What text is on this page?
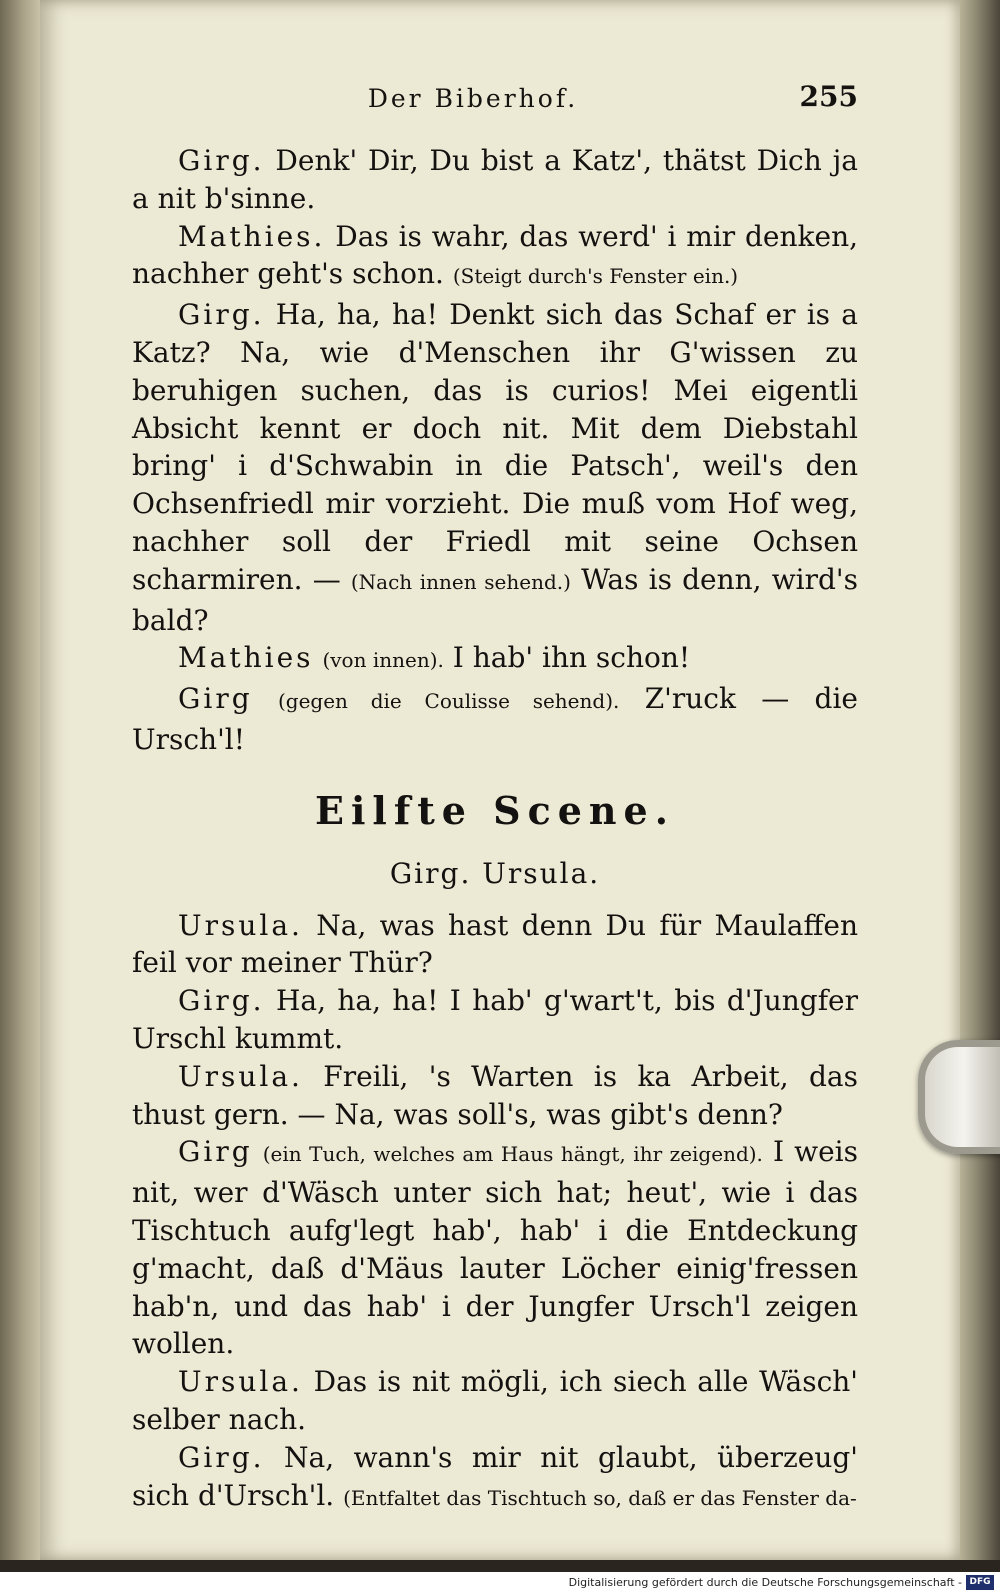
Der Biberhof.	255

Girg. Denk' Dir, Du bist a Katz', thätst Dich ja a nit b'sinne.

Mathies. Das is wahr, das werd' i mir denken, nachher geht's schon. (Steigt durch's Fenster ein.)

Girg. Ha, ha, ha! Denkt sich das Schaf er is a Katz? Na, wie d'Menschen ihr G'wissen zu beruhigen suchen, das is curios! Mei eigentli Absicht kennt er doch nit. Mit dem Diebstahl bring' i d'Schwabin in die Patsch', weil's den Ochsenfriedl mir vorzieht. Die muß vom Hof weg, nachher soll der Friedl mit seine Ochsen scharmiren. — (Nach innen sehend.) Was is denn, wird's bald?

Mathies (von innen). I hab' ihn schon!

Girg (gegen die Coulisse sehend). Z'ruck — die Ursch'l!

Eilfte Scene.
Girg. Ursula.

Ursula. Na, was hast denn Du für Maulaffen feil vor meiner Thür?

Girg. Ha, ha, ha! I hab' g'wart't, bis d'Jungfer Urschl kummt.

Ursula. Freili, 's Warten is ka Arbeit, das thust gern. — Na, was soll's, was gibt's denn?

Girg (ein Tuch, welches am Haus hängt, ihr zeigend). I weis nit, wer d'Wäsch unter sich hat; heut', wie i das Tischtuch aufg'legt hab', hab' i die Entdeckung g'macht, daß d'Mäus lauter Löcher einig'fressen hab'n, und das hab' i der Jungfer Ursch'l zeigen wollen.

Ursula. Das is nit mögli, ich siech alle Wäsch' selber nach.

Girg. Na, wann's mir nit glaubt, überzeug' sich d'Ursch'l. (Entfaltet das Tischtuch so, daß er das Fenster da-

Digitalisierung gefördert durch die Deutsche Forschungsgemeinschaft - DFG
